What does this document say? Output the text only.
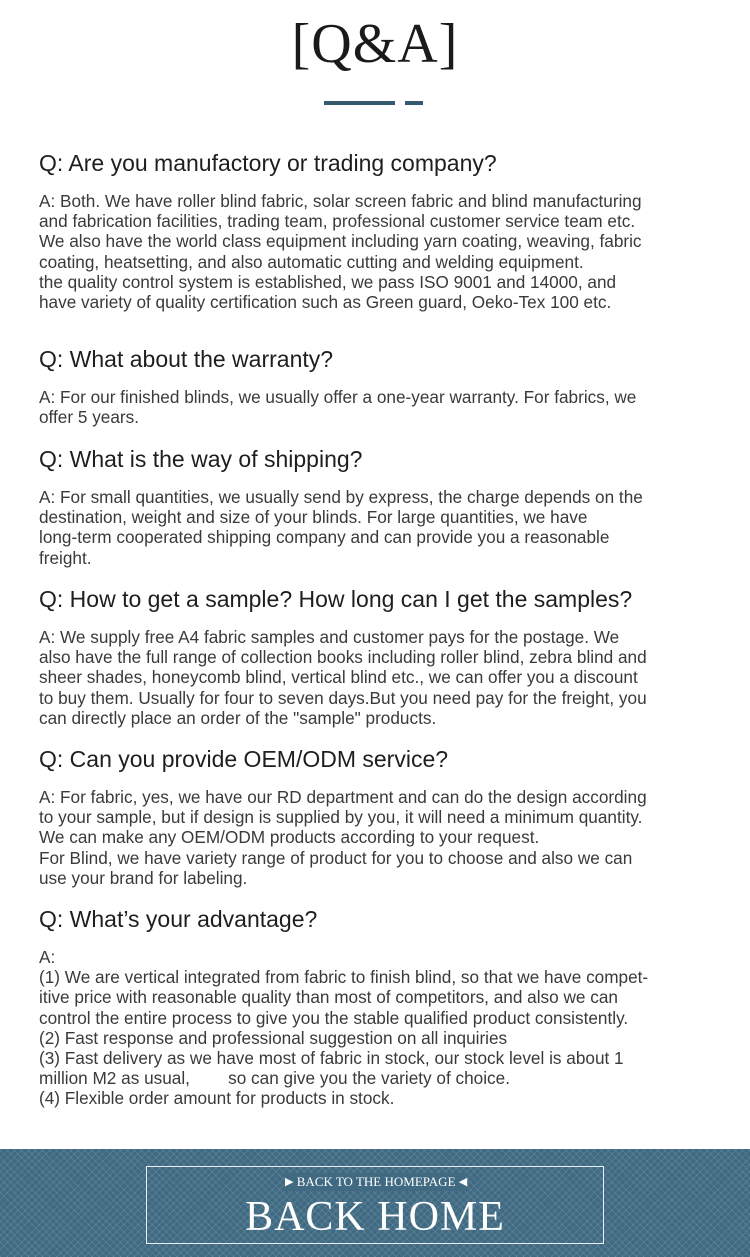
[Q&A]
Q: Are you manufactory or trading company?
A: Both. We have roller blind fabric, solar screen fabric and blind manufacturing
and fabrication facilities, trading team, professional customer service team etc.
We also have the world class equipment including yarn coating, weaving, fabric
coating, heatsetting, and also automatic cutting and welding equipment.
the quality control system is established, we pass ISO 9001 and 14000, and
have variety of quality certification such as Green guard, Oeko-Tex 100 etc.
Q: What about the warranty?
A: For our finished blinds, we usually offer a one-year warranty. For fabrics, we
offer 5 years.
Q: What is the way of shipping?
A: For small quantities, we usually send by express, the charge depends on the
destination, weight and size of your blinds. For large quantities, we have
long-term cooperated shipping company and can provide you a reasonable
freight.
Q: How to get a sample? How long can I get the samples?
A: We supply free A4 fabric samples and customer pays for the postage. We
also have the full range of collection books including roller blind, zebra blind and
sheer shades, honeycomb blind, vertical blind etc., we can offer you a discount
to buy them. Usually for four to seven days.But you need pay for the freight, you
can directly place an order of the "sample" products.
Q: Can you provide OEM/ODM service?
A: For fabric, yes, we have our RD department and can do the design according
to your sample, but if design is supplied by you, it will need a minimum quantity.
We can make any OEM/ODM products according to your request.
For Blind, we have variety range of product for you to choose and also we can
use your brand for labeling.
Q: What’s your advantage?
A:
(1) We are vertical integrated from fabric to finish blind, so that we have compet-
itive price with reasonable quality than most of competitors, and also we can
control the entire process to give you the stable qualified product consistently.
(2) Fast response and professional suggestion on all inquiries
(3) Fast delivery as we have most of fabric in stock, our stock level is about 1
million M2 as usual,        so can give you the variety of choice.
(4) Flexible order amount for products in stock.
▶ BACK TO THE HOMEPAGE ◀
BACK HOME
